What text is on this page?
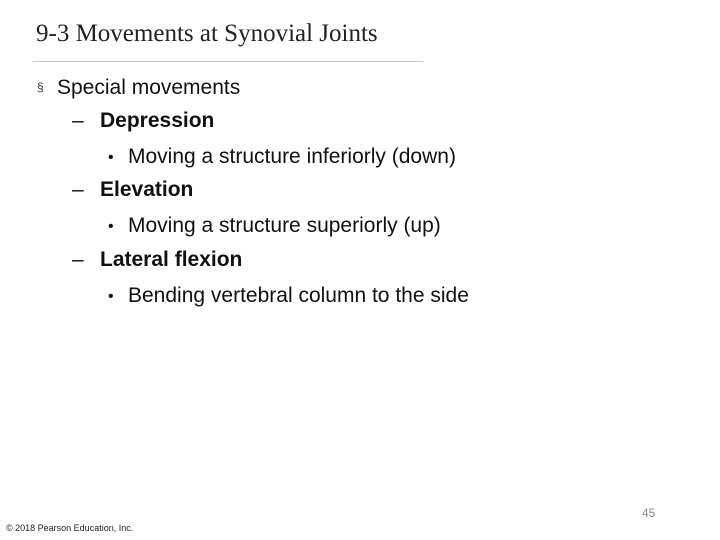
9-3 Movements at Synovial Joints
§ Special movements
– Depression
• Moving a structure inferiorly (down)
– Elevation
• Moving a structure superiorly (up)
– Lateral flexion
• Bending vertebral column to the side
45
© 2018 Pearson Education, Inc.
